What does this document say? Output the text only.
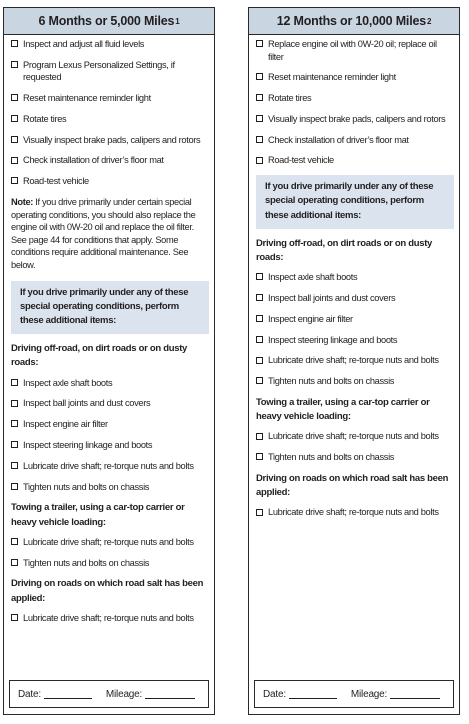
6 Months or 5,000 Miles 1
Inspect and adjust all fluid levels
Program Lexus Personalized Settings, if requested
Reset maintenance reminder light
Rotate tires
Visually inspect brake pads, calipers and rotors
Check installation of driver’s floor mat
Road-test vehicle
Note: If you drive primarily under certain special operating conditions, you should also replace the engine oil with 0W-20 oil and replace the oil filter. See page 44 for conditions that apply. Some conditions require additional maintenance. See below.
If you drive primarily under any of these special operating conditions, perform these additional items:
Driving off-road, on dirt roads or on dusty roads:
Inspect axle shaft boots
Inspect ball joints and dust covers
Inspect engine air filter
Inspect steering linkage and boots
Lubricate drive shaft; re-torque nuts and bolts
Tighten nuts and bolts on chassis
Towing a trailer, using a car-top carrier or heavy vehicle loading:
Lubricate drive shaft; re-torque nuts and bolts
Tighten nuts and bolts on chassis
Driving on roads on which road salt has been applied:
Lubricate drive shaft; re-torque nuts and bolts
Date:	Mileage:
12 Months or 10,000 Miles 2
Replace engine oil with 0W-20 oil; replace oil filter
Reset maintenance reminder light
Rotate tires
Visually inspect brake pads, calipers and rotors
Check installation of driver’s floor mat
Road-test vehicle
If you drive primarily under any of these special operating conditions, perform these additional items:
Driving off-road, on dirt roads or on dusty roads:
Inspect axle shaft boots
Inspect ball joints and dust covers
Inspect engine air filter
Inspect steering linkage and boots
Lubricate drive shaft; re-torque nuts and bolts
Tighten nuts and bolts on chassis
Towing a trailer, using a car-top carrier or heavy vehicle loading:
Lubricate drive shaft; re-torque nuts and bolts
Tighten nuts and bolts on chassis
Driving on roads on which road salt has been applied:
Lubricate drive shaft; re-torque nuts and bolts
Date:	Mileage:
